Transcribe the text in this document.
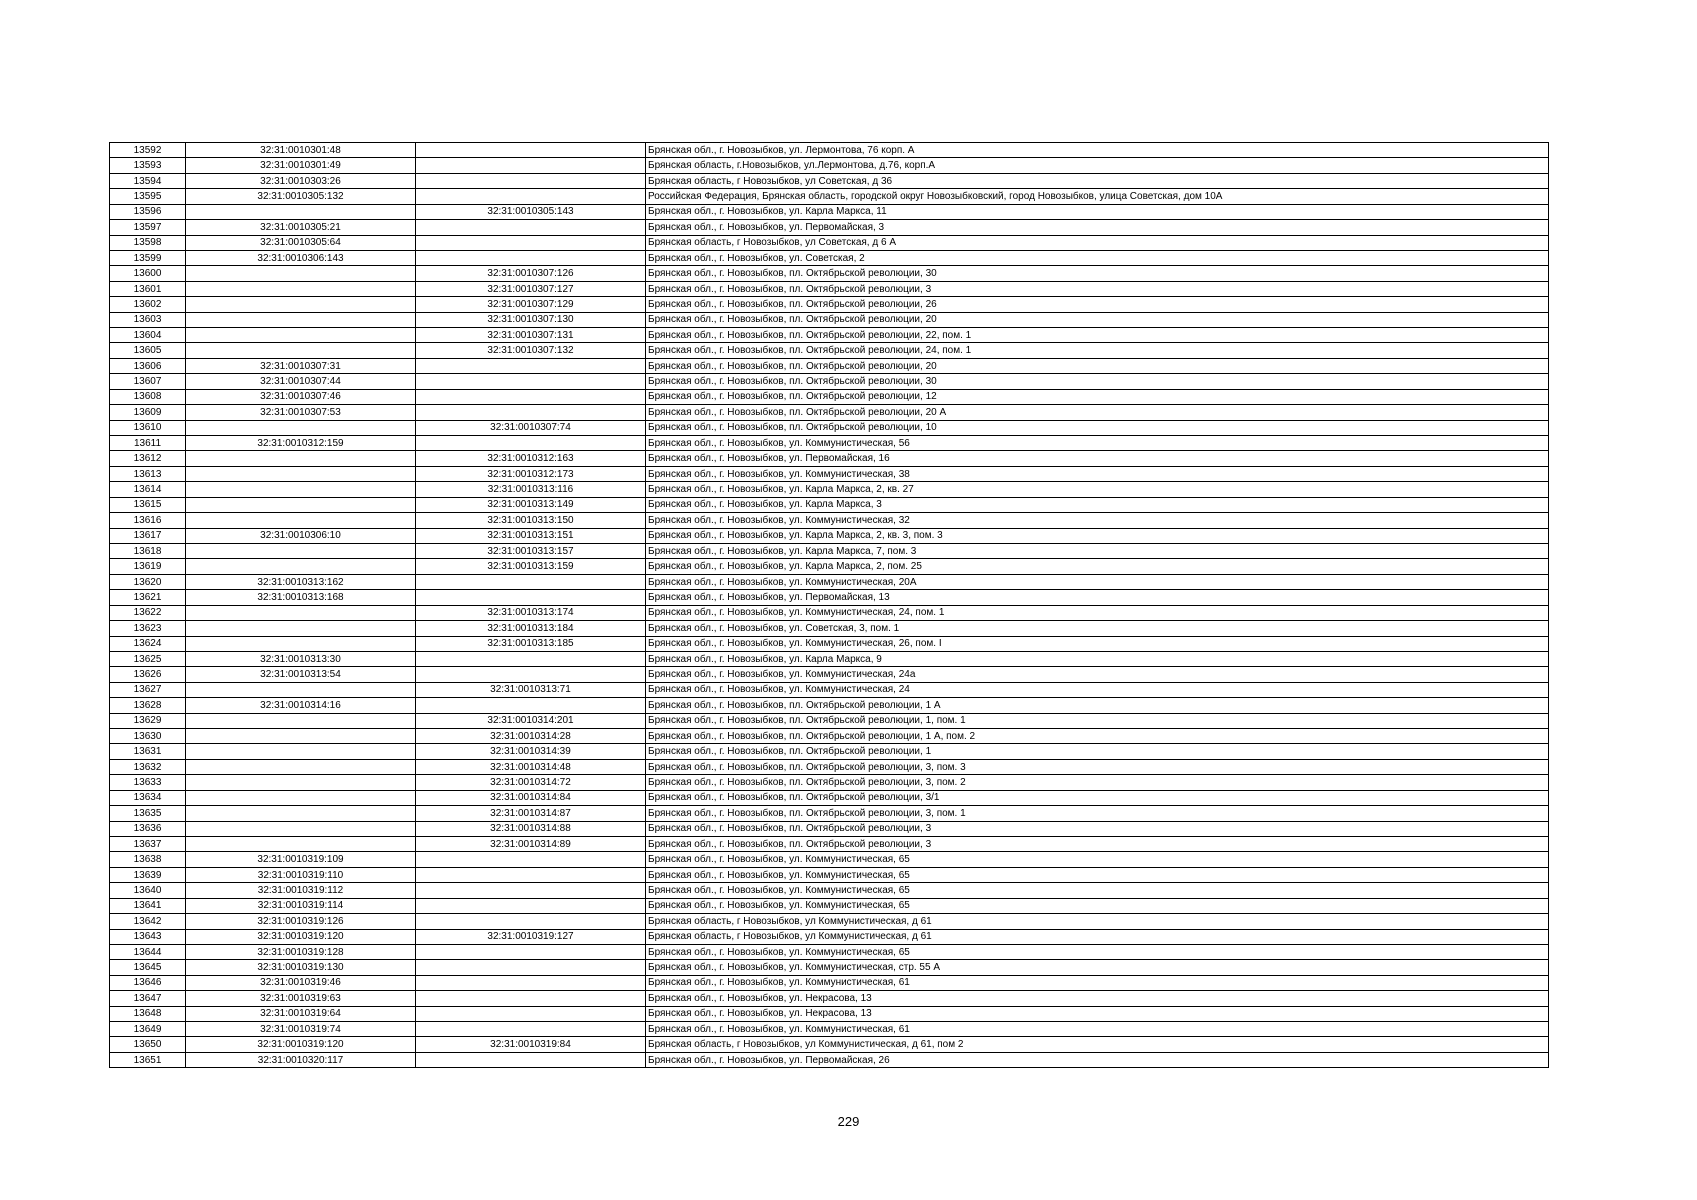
13592	32:31:0010301:48		Брянская обл., г. Новозыбков, ул. Лермонтова, 76 корп. А
13593	32:31:0010301:49		Брянская область, г.Новозыбков, ул.Лермонтова, д.76, корп.А
13594	32:31:0010303:26		Брянская область, г Новозыбков, ул Советская, д 36
13595	32:31:0010305:132		Российская Федерация, Брянская область, городской округ Новозыбковский, город Новозыбков, улица Советская, дом 10А
13596		32:31:0010305:143	Брянская обл., г. Новозыбков, ул. Карла Маркса, 11
13597	32:31:0010305:21		Брянская обл., г. Новозыбков, ул. Первомайская, 3
13598	32:31:0010305:64		Брянская область, г Новозыбков, ул Советская, д 6 А
13599	32:31:0010306:143		Брянская обл., г. Новозыбков, ул. Советская, 2
13600		32:31:0010307:126	Брянская обл., г. Новозыбков, пл. Октябрьской революции, 30
13601		32:31:0010307:127	Брянская обл., г. Новозыбков, пл. Октябрьской революции, 3
13602		32:31:0010307:129	Брянская обл., г. Новозыбков, пл. Октябрьской революции, 26
13603		32:31:0010307:130	Брянская обл., г. Новозыбков, пл. Октябрьской революции, 20
13604		32:31:0010307:131	Брянская обл., г. Новозыбков, пл. Октябрьской революции, 22, пом. 1
13605		32:31:0010307:132	Брянская обл., г. Новозыбков, пл. Октябрьской революции, 24, пом. 1
13606	32:31:0010307:31		Брянская обл., г. Новозыбков, пл. Октябрьской революции, 20
13607	32:31:0010307:44		Брянская обл., г. Новозыбков, пл. Октябрьской революции, 30
13608	32:31:0010307:46		Брянская обл., г. Новозыбков, пл. Октябрьской революции, 12
13609	32:31:0010307:53		Брянская обл., г. Новозыбков, пл. Октябрьской революции, 20 А
13610		32:31:0010307:74	Брянская обл., г. Новозыбков, пл. Октябрьской революции, 10
13611	32:31:0010312:159		Брянская обл., г. Новозыбков, ул. Коммунистическая, 56
13612		32:31:0010312:163	Брянская обл., г. Новозыбков, ул. Первомайская, 16
13613		32:31:0010312:173	Брянская обл., г. Новозыбков, ул. Коммунистическая, 38
13614		32:31:0010313:116	Брянская обл., г. Новозыбков, ул. Карла Маркса, 2, кв. 27
13615		32:31:0010313:149	Брянская обл., г. Новозыбков, ул. Карла Маркса, 3
13616		32:31:0010313:150	Брянская обл., г. Новозыбков, ул. Коммунистическая, 32
13617	32:31:0010306:10	32:31:0010313:151	Брянская обл., г. Новозыбков, ул. Карла Маркса, 2, кв. 3, пом. 3
13618		32:31:0010313:157	Брянская обл., г. Новозыбков, ул. Карла Маркса, 7, пом. 3
13619		32:31:0010313:159	Брянская обл., г. Новозыбков, ул. Карла Маркса, 2, пом. 25
13620	32:31:0010313:162		Брянская обл., г. Новозыбков, ул. Коммунистическая, 20А
13621	32:31:0010313:168		Брянская обл., г. Новозыбков, ул. Первомайская, 13
13622		32:31:0010313:174	Брянская обл., г. Новозыбков, ул. Коммунистическая, 24, пом. 1
13623		32:31:0010313:184	Брянская обл., г. Новозыбков, ул. Советская, 3, пом. 1
13624		32:31:0010313:185	Брянская обл., г. Новозыбков, ул. Коммунистическая, 26, пом. I
13625	32:31:0010313:30		Брянская обл., г. Новозыбков, ул. Карла Маркса, 9
13626	32:31:0010313:54		Брянская обл., г. Новозыбков, ул. Коммунистическая, 24а
13627		32:31:0010313:71	Брянская обл., г. Новозыбков, ул. Коммунистическая, 24
13628	32:31:0010314:16		Брянская обл., г. Новозыбков, пл. Октябрьской революции, 1 А
13629		32:31:0010314:201	Брянская обл., г. Новозыбков, пл. Октябрьской революции, 1, пом. 1
13630		32:31:0010314:28	Брянская обл., г. Новозыбков, пл. Октябрьской революции, 1 А, пом. 2
13631		32:31:0010314:39	Брянская обл., г. Новозыбков, пл. Октябрьской революции, 1
13632		32:31:0010314:48	Брянская обл., г. Новозыбков, пл. Октябрьской революции, 3, пом. 3
13633		32:31:0010314:72	Брянская обл., г. Новозыбков, пл. Октябрьской революции, 3, пом. 2
13634		32:31:0010314:84	Брянская обл., г. Новозыбков, пл. Октябрьской революции, 3/1
13635		32:31:0010314:87	Брянская обл., г. Новозыбков, пл. Октябрьской революции, 3, пом. 1
13636		32:31:0010314:88	Брянская обл., г. Новозыбков, пл. Октябрьской революции, 3
13637		32:31:0010314:89	Брянская обл., г. Новозыбков, пл. Октябрьской революции, 3
13638	32:31:0010319:109		Брянская обл., г. Новозыбков, ул. Коммунистическая, 65
13639	32:31:0010319:110		Брянская обл., г. Новозыбков, ул. Коммунистическая, 65
13640	32:31:0010319:112		Брянская обл., г. Новозыбков, ул. Коммунистическая, 65
13641	32:31:0010319:114		Брянская обл., г. Новозыбков, ул. Коммунистическая, 65
13642	32:31:0010319:126		Брянская область, г Новозыбков, ул Коммунистическая, д 61
13643	32:31:0010319:120	32:31:0010319:127	Брянская область, г Новозыбков, ул Коммунистическая, д 61
13644	32:31:0010319:128		Брянская обл., г. Новозыбков, ул. Коммунистическая, 65
13645	32:31:0010319:130		Брянская обл., г. Новозыбков, ул. Коммунистическая, стр. 55 А
13646	32:31:0010319:46		Брянская обл., г. Новозыбков, ул. Коммунистическая, 61
13647	32:31:0010319:63		Брянская обл., г. Новозыбков, ул. Некрасова, 13
13648	32:31:0010319:64		Брянская обл., г. Новозыбков, ул. Некрасова, 13
13649	32:31:0010319:74		Брянская обл., г. Новозыбков, ул. Коммунистическая, 61
13650	32:31:0010319:120	32:31:0010319:84	Брянская область, г Новозыбков, ул Коммунистическая, д 61, пом 2
13651	32:31:0010320:117		Брянская обл., г. Новозыбков, ул. Первомайская, 26
229
